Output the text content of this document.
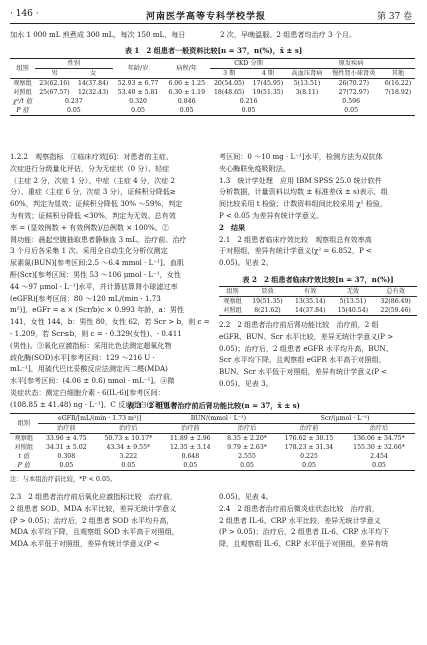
· 146 ·	河南医学高等专科学校学报	第 37 卷
加水 1 000 mL 煎煮成 300 mL，每次 150 mL，每日	2 次，早晚温服。2 组患者均治疗 3 个月。
表 1　2 组患者一般资料比较[n = 37，n(%)，x̄ ± s]
组别	性别		年龄/岁	病程/年	CKD 分期		原发疾病		
	男	女			3 期	4 期	高血压肾病	慢性肾小球肾炎	其他
观察组	23(62.16)	14(37.84)	52.93 ± 6.77	6.06 ± 1.25	20(54.05)	17(45.95)	5(13.51)	26(70.27)	6(16.22)
对照组	25(67.57)	12(32.43)	53.40 ± 5.81	6.30 ± 1.19	18(48.65)	19(51.35)	3(8.11)	27(72.97)	7(18.92)
χ²/t 值	0.237		0.320	0.846	0.216		0.596		
P 值	0.05		0.05	0.05	0.05		0.05		
1.2.2　观察指标　①临床疗效[6]：对患者的主症、
次症进行分级量化评估，分为无症状（0 分）、轻症
（主症 2 分，次症 1 分）、中症（主症 4 分，次症 2
分）、重症（主症 6 分，次症 3 分），证候积分降低≥
60%，判定为显效；证候积分降低 30% ～59%，判定
为有效；证候积分降低 <30%，判定为无效。总有效
率 = (显效例数 + 有效例数)/总例数 × 100%。②
肾功能：晨起空腹抽取患者静脉血 3 mL，治疗前、治疗
3 个月后各采集 1 次。采用全自动生化分析仪测定
尿素氮(BUN)[参考区间:2.5 ～6.4 mmol · L⁻¹]、血肌
酐(Scr)[参考区间：男性 53 ～106 μmol · L⁻¹，女性
44 ～97 μmol · L⁻¹]水平，并计算估算肾小球滤过率
(eGFR)[参考区间：80 ～120 mL/(min · 1.73
m²)]，eGFr = a × (Scr/b)c × 0.993 年龄，a：男性
141，女性 144，b：男性 80，女性 62，若 Scr > b，则 c =
- 1.209，若 Scr≤b，则 c = - 0.329(女性)、- 0.411
(男性)。③氧化应激指标：采用比色法测定超氧化物
歧化酶(SOD)水平[参考区间：129 ～216 U ·
mL⁻¹]，用硫代巴比妥酸反应法测定丙二醛(MDA)
水平[参考区间：(4.06 ± 0.6) nmol · mL⁻¹]。④微
炎症状态：测定白细胞介素 - 6(IL-6)[参考区间：
(108.85 ± 41.48) ng · L⁻¹]、C 反应蛋白(CRP)[参
考区间：0 ～10 mg · L⁻¹]水平，检测方法为双抗体
夹心酶联免疫吸附法。
1.3　统计学处理　应用 IBM SPSS 25.0 统计软件
分析数据，计量资料以均数 ± 标准差(x̄ ± s)表示，组
间比较采用 t 检验；计数资料组间比较采用 χ² 检验，
P < 0.05 为差异有统计学意义。
2　结果
2.1　2 组患者临床疗效比较　观察组总有效率高
于对照组，差异有统计学意义(χ² = 6.852，P <
0.05)。见表 2。
表 2　2 组患者临床疗效比较[n = 37，n(%)]
组别	显效	有效	无效	总有效
观察组	19(51.35)	13(35.14)	5(13.51)	32(86.49)
对照组	8(21.62)	14(37.84)	15(40.54)	22(59.46)
2.2　2 组患者治疗前后肾功能比较　治疗前，2 组
eGFR、BUN、Scr 水平比较，差异无统计学意义(P >
0.05)；治疗后，2 组患者 eGFR 水平均升高，BUN、
Scr 水平均下降，且观察组 eGFR 水平高于对照组，
BUN、Scr 水平低于对照组，差异有统计学意义(P <
0.05)。见表 3。
表 3　2 组患者治疗前后肾功能比较(n = 37，x̄ ± s)
组别	eGFR/[mL/(min · 1.73 m²)]		BUN/(mmol · L⁻¹)		Scr/(μmol · L⁻¹)	
	治疗前	治疗后	治疗前	治疗后	治疗前	治疗后
观察组	33.96 ± 4.75	50.73 ± 10.17*	11.89 ± 2.96	8.35 ± 2.20*	176.62 ± 30.15	136.06 ± 34.75*
对照组	34.31 ± 5.02	43.34 ± 9.55*	12.35 ± 3.14	9.79 ± 2.63*	178.23 ± 31.34	155.30 ± 32.66*
t 值	0.308	3.222	0.648	2.555	0.225	2.454
P 值	0.05	0.05	0.05	0.05	0.05	0.05
注：与本组治疗前比较，*P < 0.05。
2.3　2 组患者治疗前后氧化应激指标比较　治疗前，
2 组患者 SOD、MDA 水平比较，差异无统计学意义
(P > 0.05)；治疗后，2 组患者 SOD 水平均升高，
MDA 水平均下降，且观察组 SOD 水平高于对照组，
MDA 水平低于对照组，差异有统计学意义(P <
0.05)。见表 4。
2.4　2 组患者治疗前后微炎症状态比较　治疗前，
2 组患者 IL-6、CRP 水平比较，差异无统计学意义
(P > 0.05)；治疗后，2 组患者 IL-6、CRP 水平均下
降，且观察组 IL-6、CRP 水平低于对照组，差异有统
